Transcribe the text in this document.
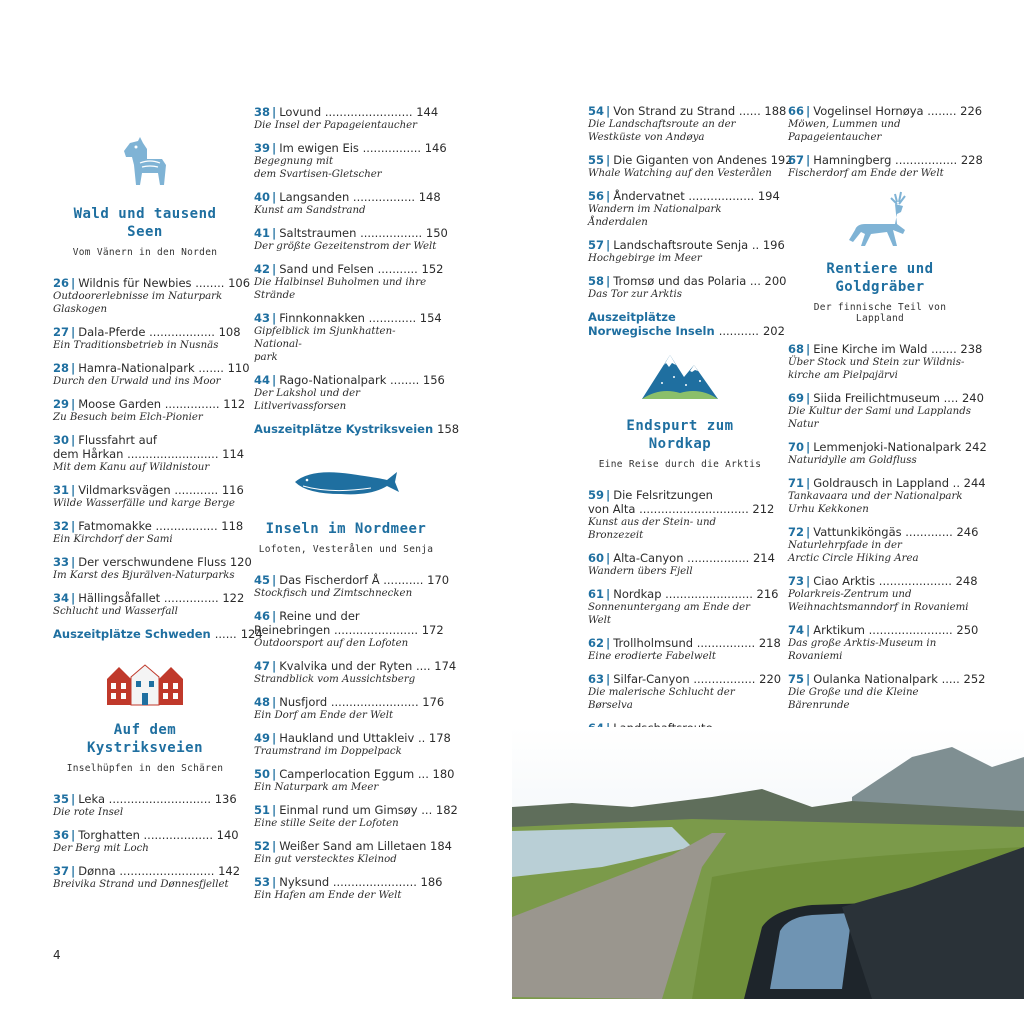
Wald und tausend
Seen
Vom Vänern in den Norden
26 | Wildnis für Newbies ........ 106
Outdoorerlebnisse im Naturpark
Glaskogen
27 | Dala-Pferde .................. 108
Ein Traditionsbetrieb in Nusnäs
28 | Hamra-Nationalpark ....... 110
Durch den Urwald und ins Moor
29 | Moose Garden ............... 112
Zu Besuch beim Elch-Pionier
30 | Flussfahrt auf
dem Hårkan ......................... 114
Mit dem Kanu auf Wildnistour
31 | Vildmarksvägen ............ 116
Wilde Wasserfälle und karge Berge
32 | Fatmomakke ................. 118
Ein Kirchdorf der Sami
33 | Der verschwundene Fluss 120
Im Karst des Bjurälven-Naturparks
34 | Hällingsåfallet ............... 122
Schlucht und Wasserfall
Auszeitplätze Schweden ...... 124
Auf dem
Kystriksveien
Inselhüpfen in den Schären
35 | Leka ............................ 136
Die rote Insel
36 | Torghatten ................... 140
Der Berg mit Loch
37 | Dønna .......................... 142
Breivika Strand und Dønnesfjellet
38 | Lovund ........................ 144
Die Insel der Papageientaucher
39 | Im ewigen Eis ................ 146
Begegnung mit
dem Svartisen-Gletscher
40 | Langsanden ................. 148
Kunst am Sandstrand
41 | Saltstraumen ................. 150
Der größte Gezeitenstrom der Welt
42 | Sand und Felsen ........... 152
Die Halbinsel Buholmen und ihre
Strände
43 | Finnkonnakken ............. 154
Gipfelblick im Sjunkhatten-National-
park
44 | Rago-Nationalpark ........ 156
Der Lakshol und der Litlverivassforsen
Auszeitplätze Kystriksveien 158
Inseln im Nordmeer
Lofoten, Vesterålen und Senja
45 | Das Fischerdorf Å ........... 170
Stockfisch und Zimtschnecken
46 | Reine und der
Reinebringen ....................... 172
Outdoorsport auf den Lofoten
47 | Kvalvika und der Ryten .... 174
Strandblick vom Aussichtsberg
48 | Nusfjord ........................ 176
Ein Dorf am Ende der Welt
49 | Haukland und Uttakleiv .. 178
Traumstrand im Doppelpack
50 | Camperlocation Eggum ... 180
Ein Naturpark am Meer
51 | Einmal rund um Gimsøy ... 182
Eine stille Seite der Lofoten
52 | Weißer Sand am Lilletaen 184
Ein gut verstecktes Kleinod
53 | Nyksund ....................... 186
Ein Hafen am Ende der Welt
4
54 | Von Strand zu Strand ...... 188
Die Landschaftsroute an der
Westküste von Andøya
55 | Die Giganten von Andenes 192
Whale Watching auf den Vesterålen
56 | Åndervatnet .................. 194
Wandern im Nationalpark Ånderdalen
57 | Landschaftsroute Senja .. 196
Hochgebirge im Meer
58 | Tromsø und das Polaria ... 200
Das Tor zur Arktis
Auszeitplätze
Norwegische Inseln ........... 202
Endspurt zum
Nordkap
Eine Reise durch die Arktis
59 | Die Felsritzungen
von Alta .............................. 212
Kunst aus der Stein- und Bronzezeit
60 | Alta-Canyon ................. 214
Wandern übers Fjell
61 | Nordkap ........................ 216
Sonnenuntergang am Ende der Welt
62 | Trollholmsund ................ 218
Eine erodierte Fabelwelt
63 | Silfar-Canyon ................. 220
Die malerische Schlucht der Børselva
66 | Vogelinsel Hornøya ........ 226
Möwen, Lummen und
Papageientaucher
67 | Hamningberg ................. 228
Fischerdorf am Ende der Welt
Rentiere und
Goldgräber
Der finnische Teil von Lappland
68 | Eine Kirche im Wald ....... 238
Über Stock und Stein zur Wildnis-
kirche am Pielpajärvi
69 | Siida Freilichtmuseum .... 240
Die Kultur der Sami und Lapplands
Natur
70 | Lemmenjoki-Nationalpark 242
Naturidylle am Goldfluss
71 | Goldrausch in Lappland .. 244
Tankavaara und der Nationalpark
Urhu Kekkonen
72 | Vattunkiköngäs ............. 246
Naturlehrpfade in der
Arctic Circle Hiking Area
73 | Ciao Arktis .................... 248
Polarkreis-Zentrum und
Weihnachtsmanndorf in Rovaniemi
74 | Arktikum ....................... 250
Das große Arktis-Museum in Rovaniemi
75 | Oulanka Nationalpark ..... 252
Die Große und die Kleine Bärenrunde
